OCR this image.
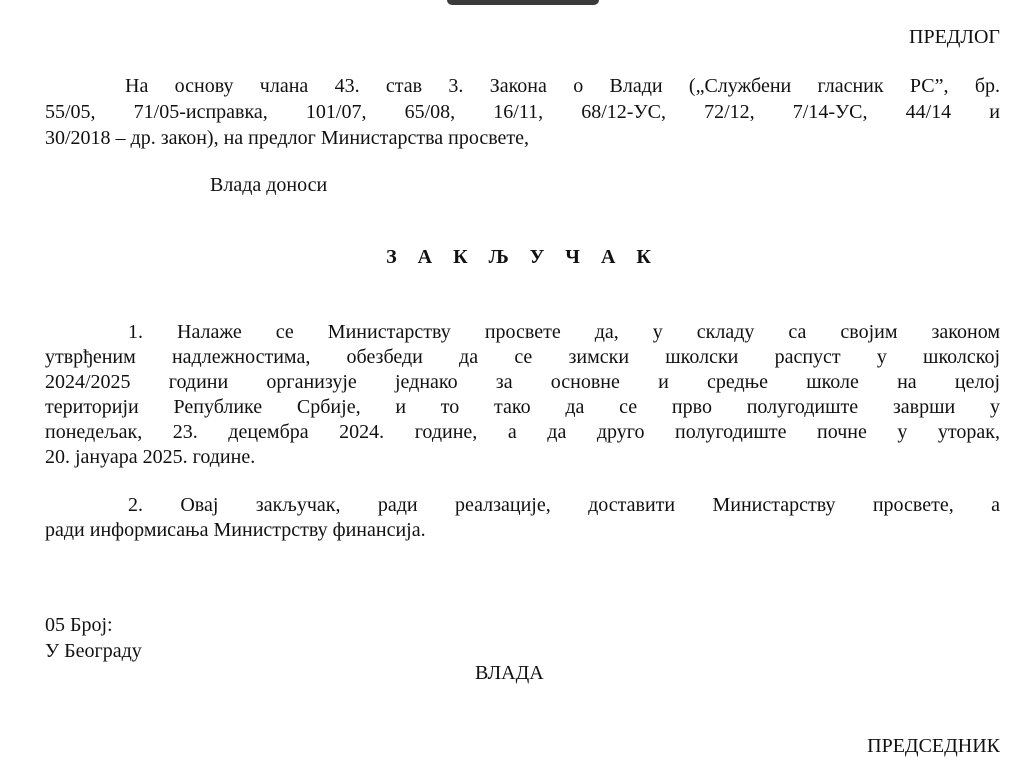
ПРЕДЛОГ
На основу члана 43. став 3. Закона о Влади („Службени гласник РС”, бр.
55/05, 71/05-исправка, 101/07, 65/08, 16/11, 68/12-УС, 72/12, 7/14-УС, 44/14 и
30/2018 – др. закон), на предлог Министарства просвете,
Влада доноси
З А К Љ У Ч А К
1. Налаже се Министарству просвете да, у складу са својим законом
утврђеним надлежностима, обезбеди да се зимски школски распуст у школској
2024/2025 години организује једнако за основне и средње школе на целој
територији Републике Србије, и то тако да се прво полугодиште заврши у
понедељак, 23. децембра 2024. године, а да друго полугодиште почне у уторак,
20. јануара 2025. године.
2. Овај закључак, ради реалзације, доставити Министарству просвете, а
ради информисања Министрству финансија.
05 Број:
У Београду
ВЛАДА
ПРЕДСЕДНИК
